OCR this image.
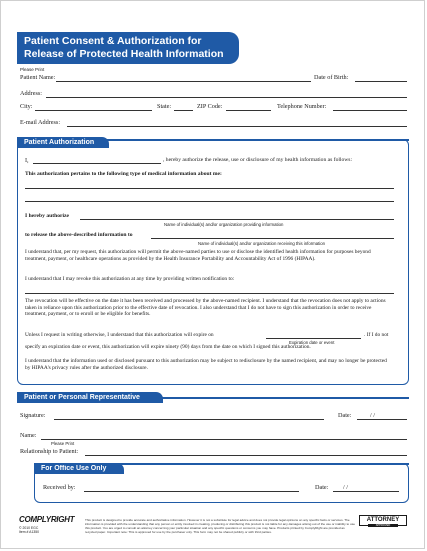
Patient Consent & Authorization for
Release of Protected Health Information
Please Print
Patient Name:	Date of Birth:
Address:
City:	State:	ZIP Code:	Telephone Number:
E-mail Address:
Patient Authorization
I,	, hereby authorize the release, use or disclosure of my health information as follows:
This authorization pertains to the following type of medical information about me:
I hereby authorize
Name of individual(s) and/or organization providing information
to release the above-described information to
Name of individual(s) and/or organization receiving this information
I understand that, per my request, this authorization will permit the above-named parties to use or disclose the identified health information for purposes beyond treatment, payment, or healthcare operations as provided by the Health Insurance Portability and Accountability Act of 1996 (HIPAA).
I understand that I may revoke this authorization at any time by providing written notification to:
The revocation will be effective on the date it has been received and processed by the above-named recipient. I understand that the revocation does not apply to actions taken in reliance upon this authorization prior to the effective date of revocation. I also understand that I do not have to sign this authorization in order to receive treatment, payment, or to enroll or be eligible for benefits.
Unless I request in writing otherwise, I understand that this authorization will expire on	. If I do not
Expiration date or event
specify an expiration date or event, this authorization will expire ninety (90) days from the date on which I signed this authorization.
I understand that the information used or disclosed pursuant to this authorization may be subject to redisclosure by the named recipient, and may no longer be protected by HIPAA's privacy rules after the authorized disclosure.
Patient or Personal Representative
Signature:	Date:	/ /
Name:
Please Print
Relationship to Patient:
For Office Use Only
Received by:	Date: / /
COMPLYRIGHT
© 2010 EGC
Item # A1350
This product is designed to provide accurate and authoritative information. However it is not a substitute for legal advice and does not provide legal opinions on any specific facts or services. The information is provided with the understanding that any person or entity involved in creating, producing or distributing this product is not liable for any damages arising out of the use or inability to use this product. You are urged to consult an attorney concerning your particular situation and any specific questions or concerns you may have. Products printed by ComplyRight are provided as recycled paper. Important note: This is approved for use by the purchaser only. This form may not be shared publicly or with third parties.
ATTORNEY
APPROVED
